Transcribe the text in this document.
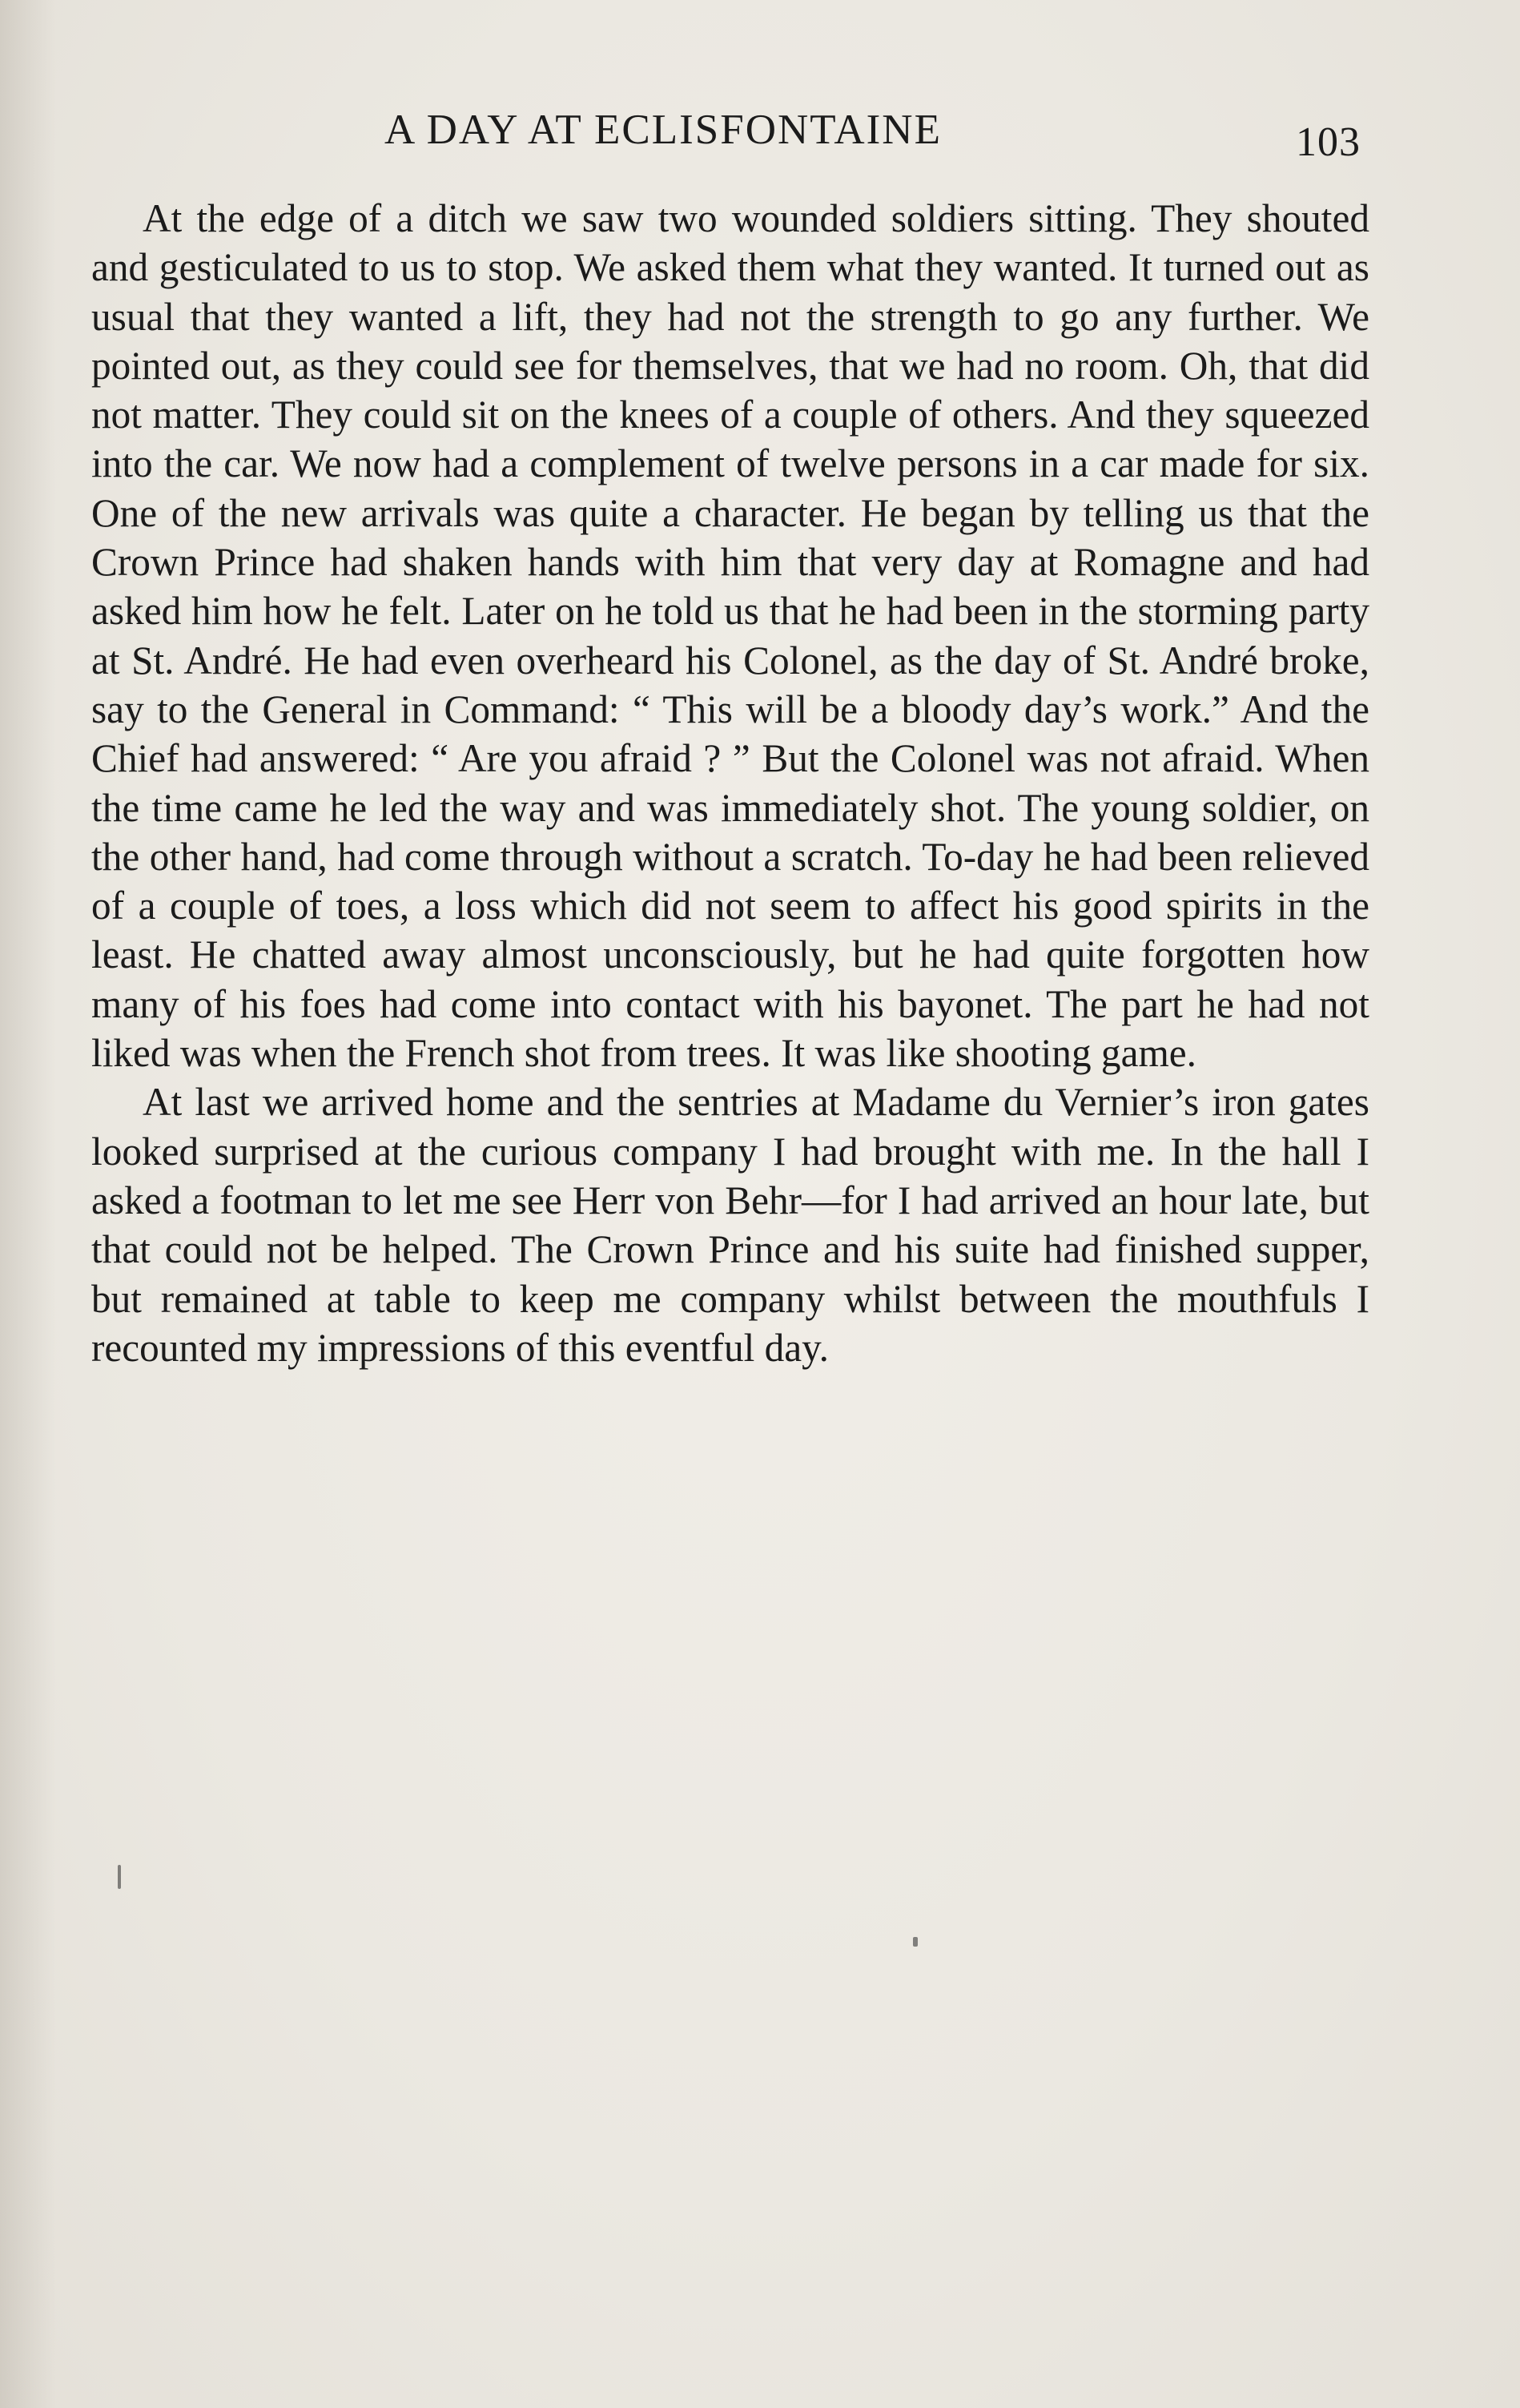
A DAY AT ECLISFONTAINE	103

At the edge of a ditch we saw two wounded soldiers sitting. They shouted and gesticulated to us to stop. We asked them what they wanted. It turned out as usual that they wanted a lift, they had not the strength to go any further. We pointed out, as they could see for themselves, that we had no room. Oh, that did not matter. They could sit on the knees of a couple of others. And they squeezed into the car. We now had a complement of twelve persons in a car made for six. One of the new arrivals was quite a character. He began by telling us that the Crown Prince had shaken hands with him that very day at Romagne and had asked him how he felt. Later on he told us that he had been in the storming party at St. André. He had even overheard his Colonel, as the day of St. André broke, say to the General in Command: “ This will be a bloody day’s work.” And the Chief had answered: “ Are you afraid ? ” But the Colonel was not afraid. When the time came he led the way and was immediately shot. The young soldier, on the other hand, had come through without a scratch. To-day he had been relieved of a couple of toes, a loss which did not seem to affect his good spirits in the least. He chatted away almost unconsciously, but he had quite forgotten how many of his foes had come into contact with his bayonet. The part he had not liked was when the French shot from trees. It was like shooting game.

At last we arrived home and the sentries at Madame du Vernier’s iron gates looked surprised at the curious company I had brought with me. In the hall I asked a footman to let me see Herr von Behr—for I had arrived an hour late, but that could not be helped. The Crown Prince and his suite had finished supper, but remained at table to keep me company whilst between the mouthfuls I recounted my impressions of this eventful day.
